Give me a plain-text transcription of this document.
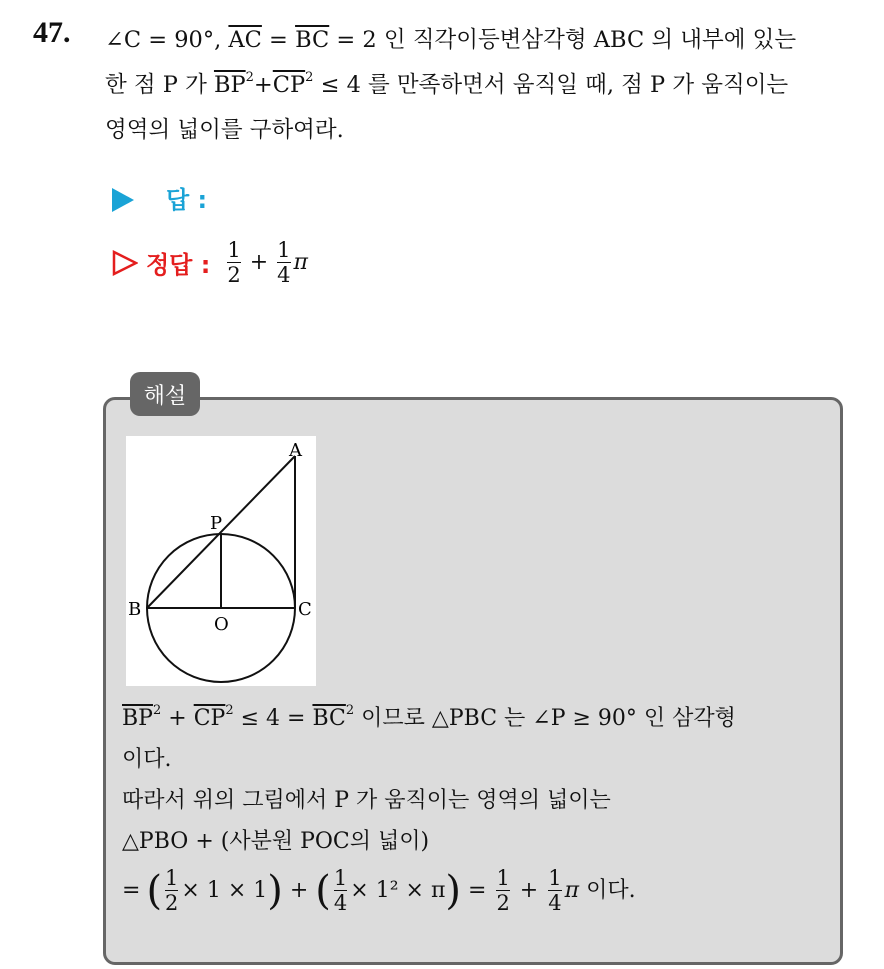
47. ∠C = 90°, $\overline{AC} = \overline{BC} = 2$ 인 직각이등변삼각형 ABC 의 내부에 있는
한 점 P 가 $\overline{BP}^2+\overline{CP}^2 \le 4$ 를 만족하면서 움직일 때, 점 P 가 움직이는
영역의 넓이를 구하여라.
답 :
정답 : $\frac{1}{2} + \frac{1}{4}$ π
해설
A
P
B
O
C
$\overline{BP}^2 + \overline{CP}^2 \le 4 = \overline{BC}^2$ 이므로 △PBC 는 ∠P ≥ 90° 인 삼각형
이다.
따라서 위의 그림에서 P 가 움직이는 영역의 넓이는
△PBO + (사분원 POC의 넓이)
= ( $\frac{1}{2} \times 1 \times 1$ ) + ( $\frac{1}{4} \times 1^2 \times \pi$ ) = $\frac{1}{2} + \frac{1}{4}$ π 이다.
